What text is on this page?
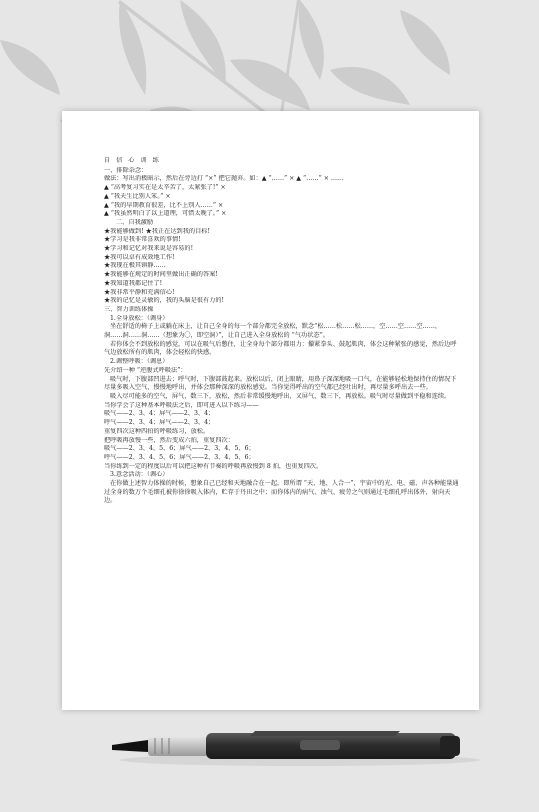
自 信 心 训 练
一、排除杂念：
做法：写出消极暗示，然后在旁边打 “×” 把它抛弃。如：▲ “……” × ▲ “……” × ……
▲ “高考复习实在是太辛苦了，太紧张了!” ×
▲ “我天生比别人笨。” ×
▲ “我的早期教育很差，比不上别人……” ×
▲ “我虽然明白了以上道理，可惜太晚了。” ×
二、自我激励
★我能够做到! ★我正在达到我的目标!
★学习是我非常喜欢的事情!
★学习和记忆对我来说是容易的!
★我可以卓有成效地工作!
★我现在极其镇静……
★我能够在规定的时间里做出正确的答案!
★我知道我都记住了!
★我非常平静和充满信心!
★我的记忆是灵敏的，我的头脑是很有力的!
三、智力训练体操
1.全身放松：（调身）
坐在舒适的椅子上或躺在床上，让自己全身的每一个部分都完全放松，默念“松……松……松……，空……空……空……，　洞……洞……洞……（想象为〇，即空洞）”，让自己进入全身放松的 “气功状态”。
若你体会不到放松的感觉，可以在吸气后憋住，让全身每个部分都用力：攥紧拳头、鼓起肌肉，体会这种紧张的感觉，然后边呼气边放松所有的肌肉，体会轻松的快感。
2.调整呼吸：（调息）
先介绍一种 “逆腹式呼吸法”：
吸气时，下腹部凹进去；呼气时，下腹部鼓起来。放松以后，闭上眼睛，用鼻子深深地吸一口气，在能够轻松地保持住的情况下尽量多吸入空气，慢慢地呼出，并体会那种深深的放松感觉。当你觉得呼出的空气都已经吐出时，再尽量多呼出去一些。
吸入尽可能多的空气，屏气，数三下，放松，然后非常缓慢地呼出，又屏气，数三下，再放松。吸气时尽量做到平稳和连续。
当你学会了这种基本呼吸法之后，即可进入以下练习——
吸气——2、3、4；屏气——2、3、4；
呼气——2、3、4；屏气——2、3、4；
重复四次这种四拍的呼吸练习，放松。
把呼吸再放慢一些，然后变成六拍，重复四次：
吸气——2、3、4、5、6；屏气——2、3、4、5、6；
呼气——2、3、4、5、6；屏气——2、3、4、5、6；
当你练到一定的程度以后可以把这种有节奏的呼吸再放慢到 8 拍，也重复四次。
3.意念活动：（调心）
在你做上述智力体操的时候，想象自己已经和天地融合在一起，即所谓 “天、地、人合一”，宇宙中的光、电、磁、声各种能量通过全身的数万个毛细孔被你徐徐吸入体内，贮存于丹田之中；而你体内的病气、浊气、疲劳之气则通过毛细孔呼出体外，射向天边。
